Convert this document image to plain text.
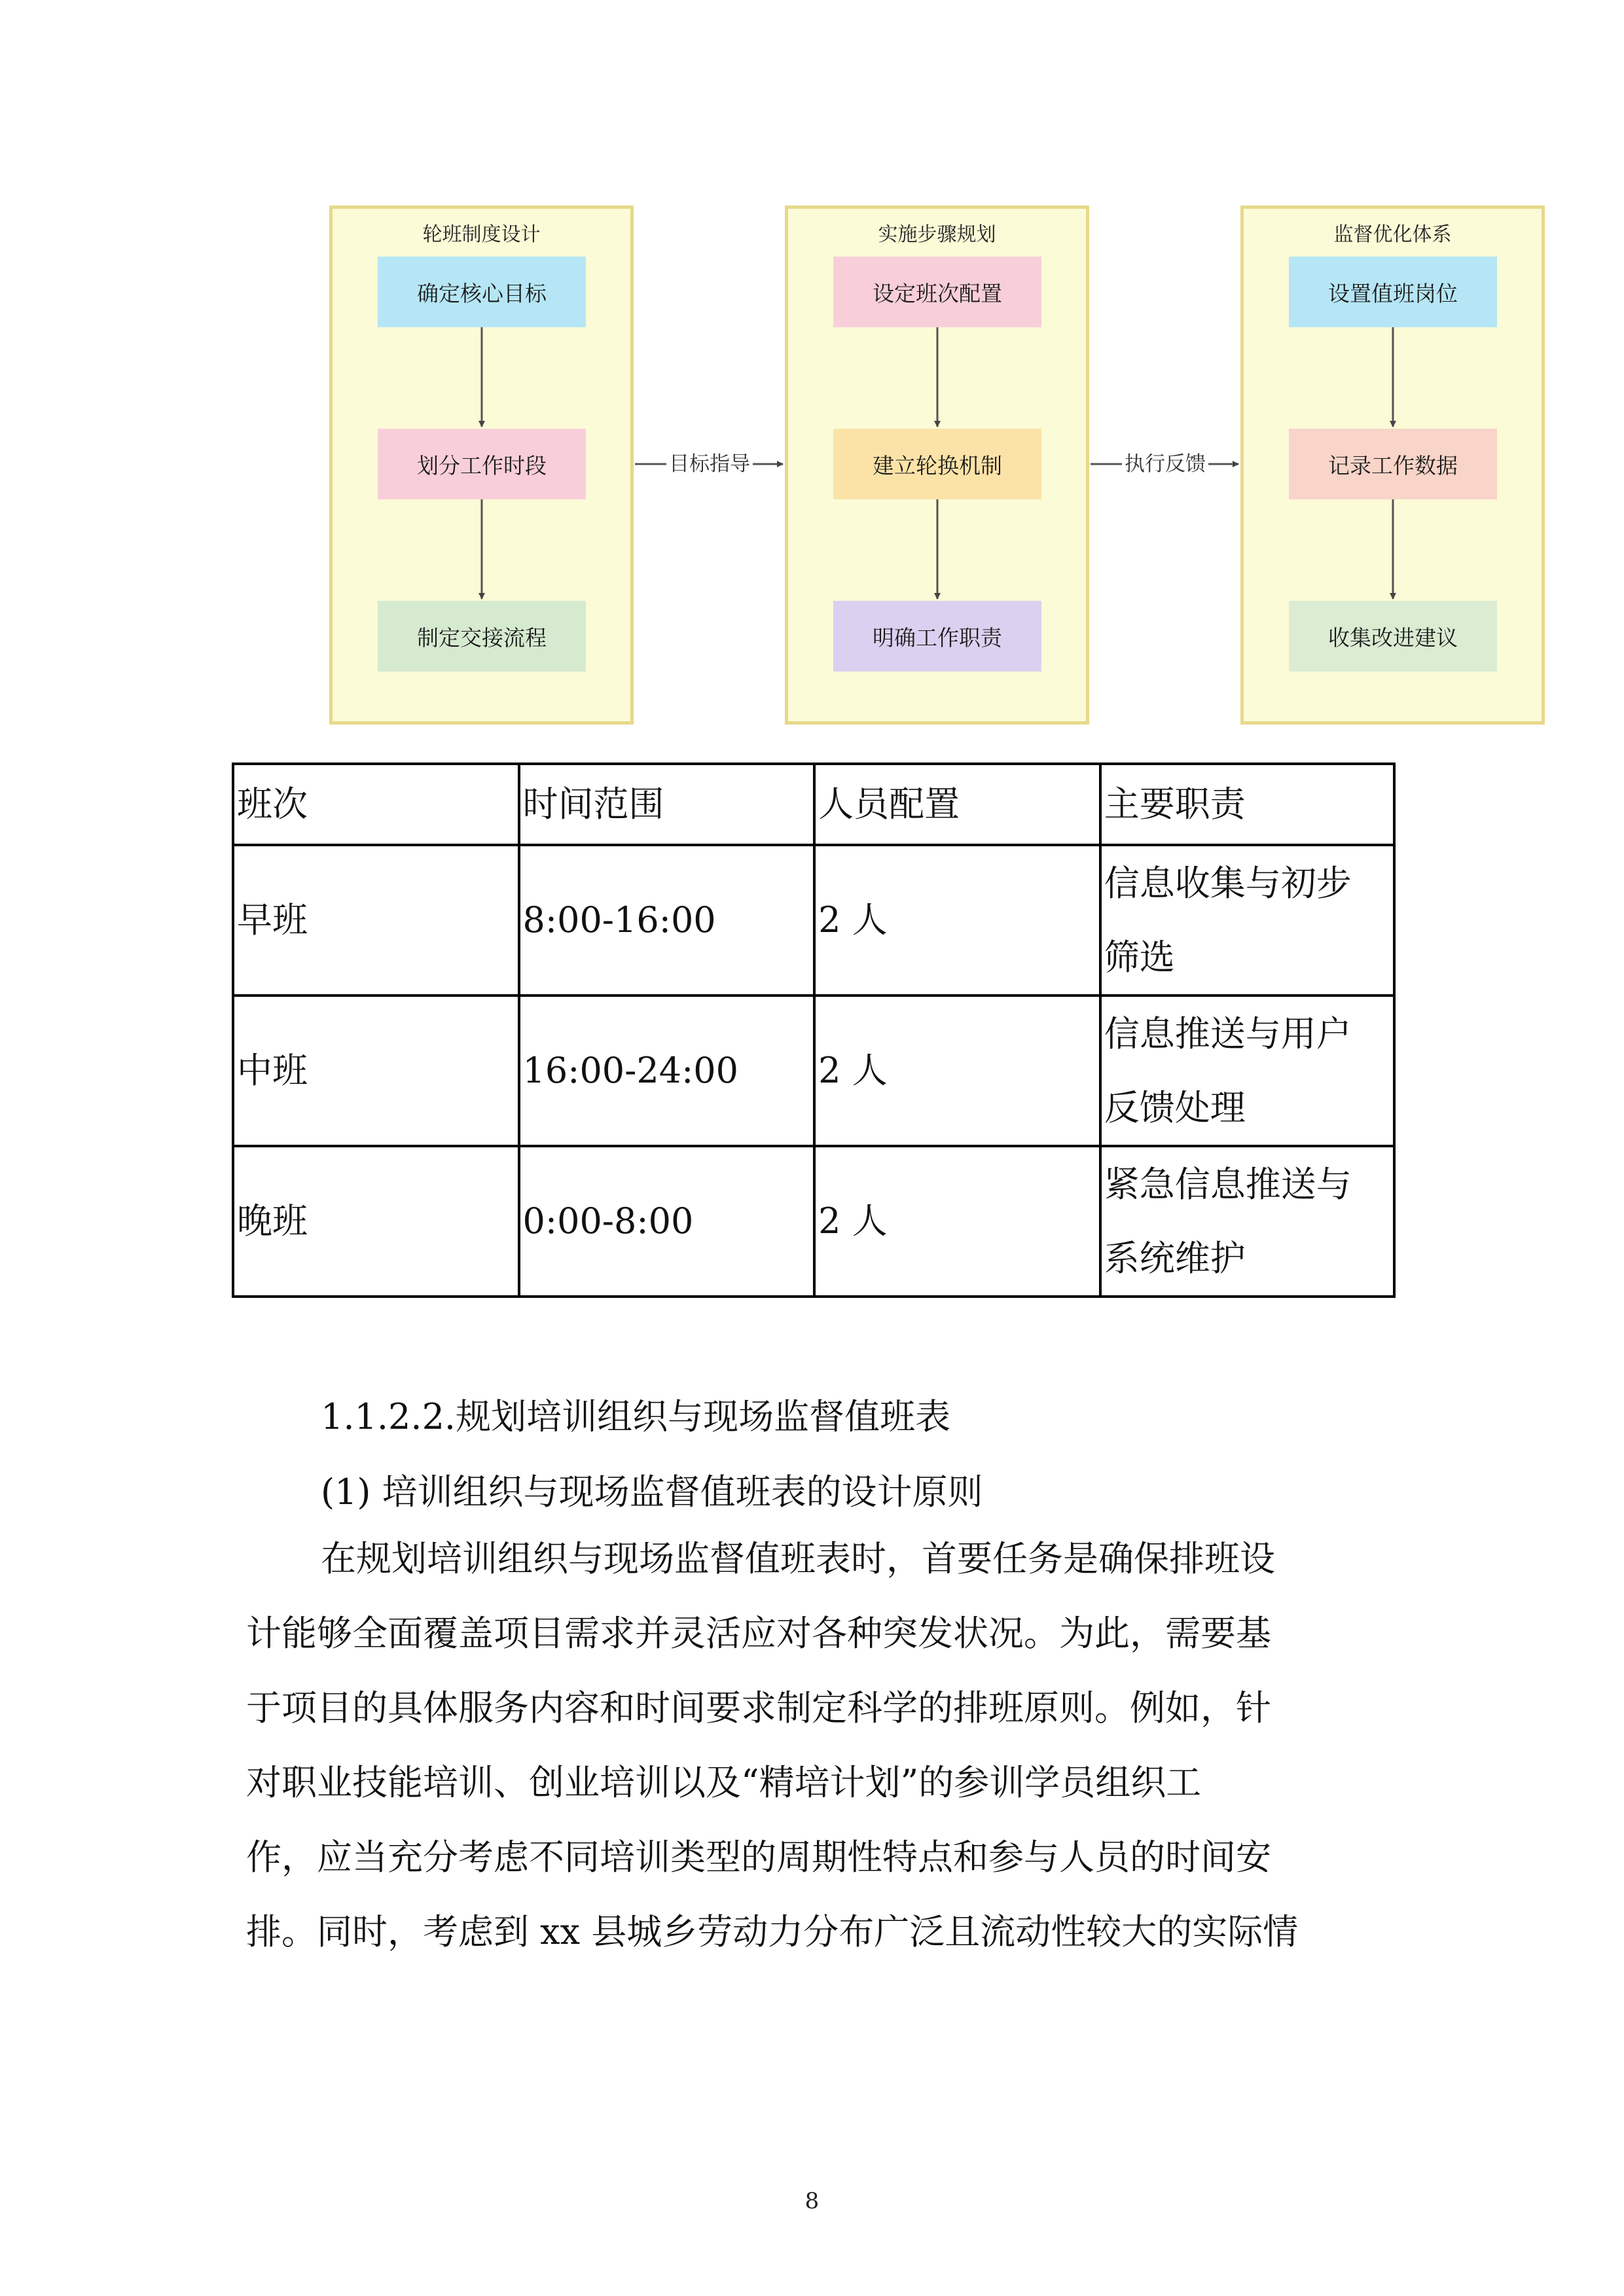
轮班制度设计
确定核心目标
划分工作时段
制定交接流程
实施步骤规划
设定班次配置
建立轮换机制
明确工作职责
监督优化体系
设置值班岗位
记录工作数据
收集改进建议
目标指导	执行反馈
班次	时间范围	人员配置	主要职责
早班	8:00-16:00	2 人	信息收集与初步
筛选

中班	16:00-24:00	2 人	信息推送与用户
反馈处理

晚班	0:00-8:00	2 人	紧急信息推送与
系统维护
1.1.2.2.规划培训组织与现场监督值班表
(1) 培训组织与现场监督值班表的设计原则
在规划培训组织与现场监督值班表时，首要任务是确保排班设
计能够全面覆盖项目需求并灵活应对各种突发状况。为此，需要基
于项目的具体服务内容和时间要求制定科学的排班原则。例如，针
对职业技能培训、创业培训以及“精培计划”的参训学员组织工
作，应当充分考虑不同培训类型的周期性特点和参与人员的时间安
排。同时，考虑到 xx 县城乡劳动力分布广泛且流动性较大的实际情
8
